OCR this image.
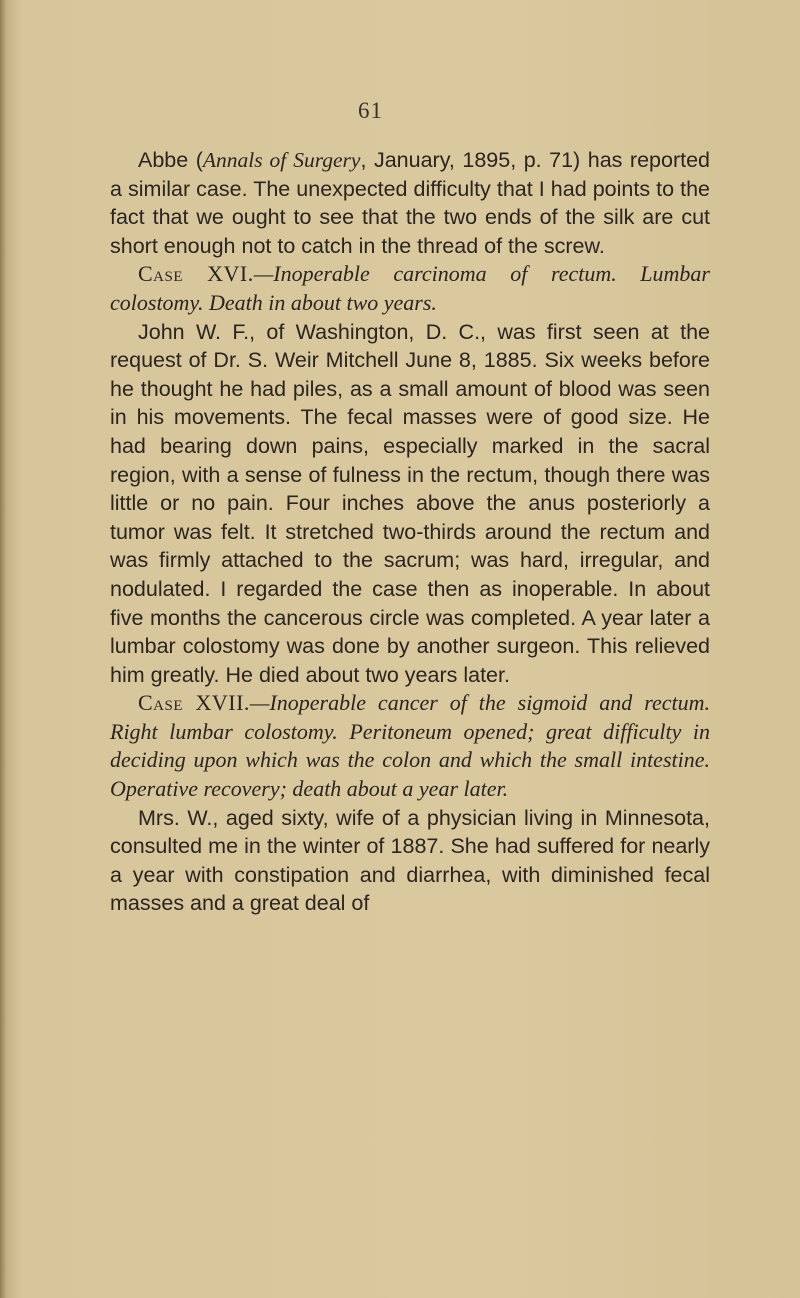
61

Abbe (Annals of Surgery, January, 1895, p. 71) has reported a similar case. The unexpected difficulty that I had points to the fact that we ought to see that the two ends of the silk are cut short enough not to catch in the thread of the screw.

Case XVI.—Inoperable carcinoma of rectum. Lumbar colostomy. Death in about two years.

John W. F., of Washington, D. C., was first seen at the request of Dr. S. Weir Mitchell June 8, 1885. Six weeks before he thought he had piles, as a small amount of blood was seen in his movements. The fecal masses were of good size. He had bearing down pains, especially marked in the sacral region, with a sense of fulness in the rectum, though there was little or no pain. Four inches above the anus posteriorly a tumor was felt. It stretched two-thirds around the rectum and was firmly attached to the sacrum; was hard, irregular, and nodulated. I regarded the case then as inoperable. In about five months the cancerous circle was completed. A year later a lumbar colostomy was done by another surgeon. This relieved him greatly. He died about two years later.

Case XVII.—Inoperable cancer of the sigmoid and rectum. Right lumbar colostomy. Peritoneum opened; great difficulty in deciding upon which was the colon and which the small intestine. Operative recovery; death about a year later.

Mrs. W., aged sixty, wife of a physician living in Minnesota, consulted me in the winter of 1887. She had suffered for nearly a year with constipation and diarrhea, with diminished fecal masses and a great deal of
